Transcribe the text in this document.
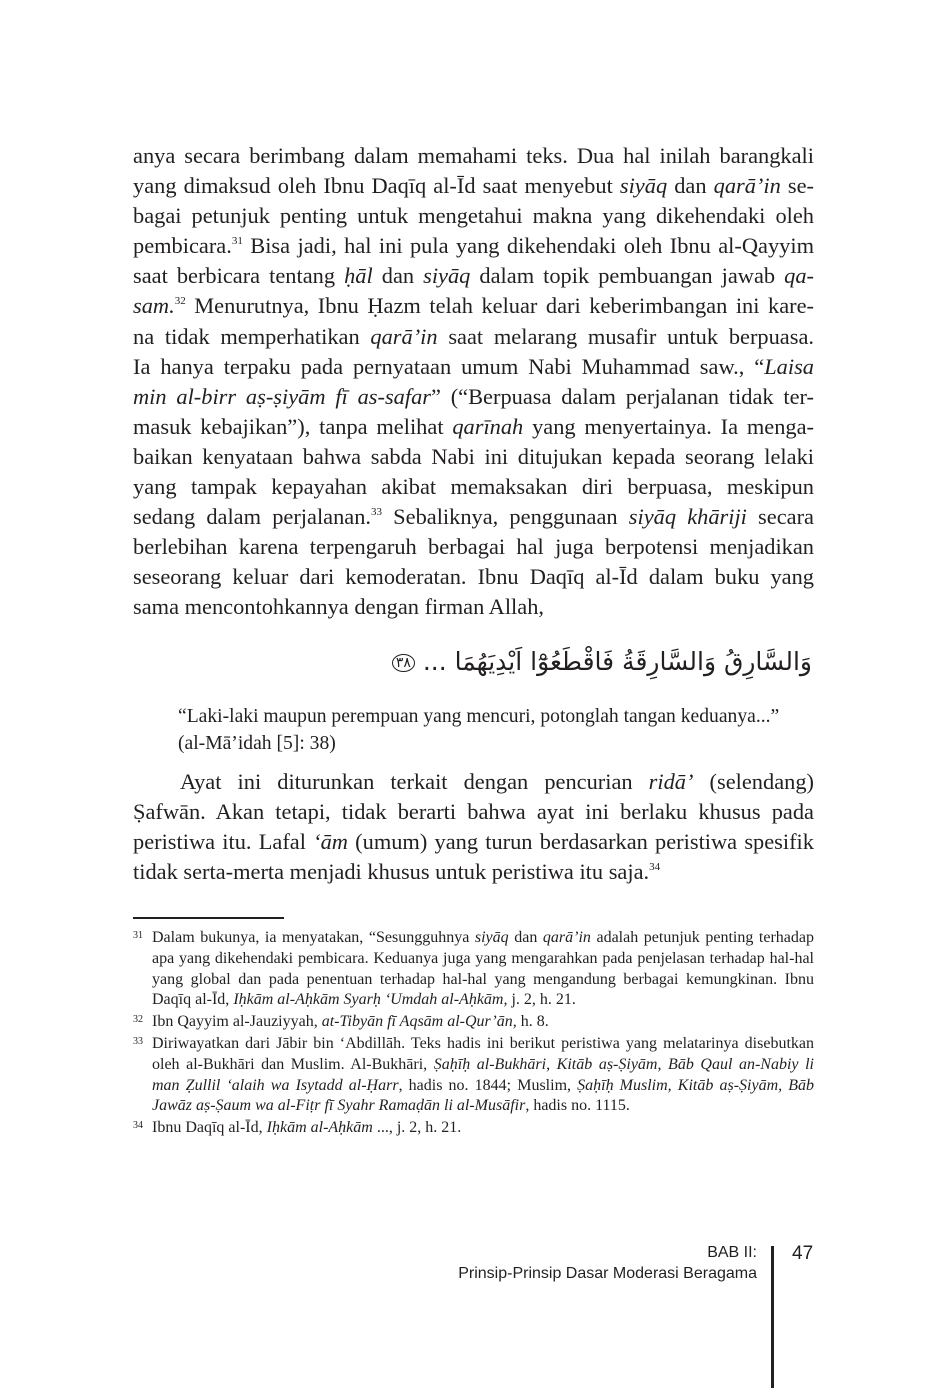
anya secara berimbang dalam memahami teks. Dua hal inilah barangkali

yang dimaksud oleh Ibnu Daqīq al-Īd saat menyebut siyāq dan qarā’in se-

bagai petunjuk penting untuk mengetahui makna yang dikehendaki oleh

pembicara.$^{31}$ Bisa jadi, hal ini pula yang dikehendaki oleh Ibnu al-Qayyim

saat berbicara tentang ḥāl dan siyāq dalam topik pembuangan jawab qa-

sam.$^{32}$ Menurutnya, Ibnu Ḥazm telah keluar dari keberimbangan ini kare-

na tidak memperhatikan qarā’in saat melarang musafir untuk berpuasa.

Ia hanya terpaku pada pernyataan umum Nabi Muhammad saw., “Laisa

min al-birr aṣ-ṣiyām fī as-safar” (“Berpuasa dalam perjalanan tidak ter-

masuk kebajikan”), tanpa melihat qarīnah yang menyertainya. Ia menga-

baikan kenyataan bahwa sabda Nabi ini ditujukan kepada seorang lelaki

yang tampak kepayahan akibat memaksakan diri berpuasa, meskipun

sedang dalam perjalanan.$^{33}$ Sebaliknya, penggunaan siyāq khāriji secara

berlebihan karena terpengaruh berbagai hal juga berpotensi menjadikan

seseorang keluar dari kemoderatan. Ibnu Daqīq al-Īd dalam buku yang

sama mencontohkannya dengan firman Allah,

وَالسَّارِقُ وَالسَّارِقَةُ فَاقْطَعُوْٓا اَيْدِيَهُمَا ... ٣٨
“Laki-laki maupun perempuan yang mencuri, potonglah tangan keduanya...”
(al-Mā’idah [5]: 38)

Ayat ini diturunkan terkait dengan pencurian ridā’ (selendang) Ṣafwān. Akan tetapi, tidak berarti bahwa ayat ini berlaku khusus pada peristiwa itu. Lafal ‘ām (umum) yang turun berdasarkan peristiwa spesifik tidak serta-merta menjadi khusus untuk peristiwa itu saja.$^{34}$

31 Dalam bukunya, ia menyatakan, “Sesungguhnya siyāq dan qarā’in adalah petunjuk penting terhadap apa yang dikehendaki pembicara. Keduanya juga yang mengarahkan pada penjelasan terhadap hal-hal yang global dan pada penentuan terhadap hal-hal yang mengandung berbagai kemungkinan. Ibnu Daqīq al-Īd, Iḥkām al-Aḥkām Syarḥ ‘Umdah al-Aḥkām, j. 2, h. 21.
32 Ibn Qayyim al-Jauziyyah, at-Tibyān fī Aqsām al-Qur’ān, h. 8.
33 Diriwayatkan dari Jābir bin ‘Abdillāh. Teks hadis ini berikut peristiwa yang melatarinya disebutkan oleh al-Bukhāri dan Muslim. Al-Bukhāri, Ṣaḥīḥ al-Bukhāri, Kitāb aṣ-Ṣiyām, Bāb Qaul an-Nabiy li man Ẓullil ‘alaih wa Isytadd al-Ḥarr, hadis no. 1844; Muslim, Ṣaḥīḥ Muslim, Kitāb aṣ-Ṣiyām, Bāb Jawāz aṣ-Ṣaum wa al-Fiṭr fī Syahr Ramaḍān li al-Musāfir, hadis no. 1115.
34 Ibnu Daqīq al-Īd, Iḥkām al-Aḥkām ..., j. 2, h. 21.
BAB II:
Prinsip-Prinsip Dasar Moderasi Beragama
47
